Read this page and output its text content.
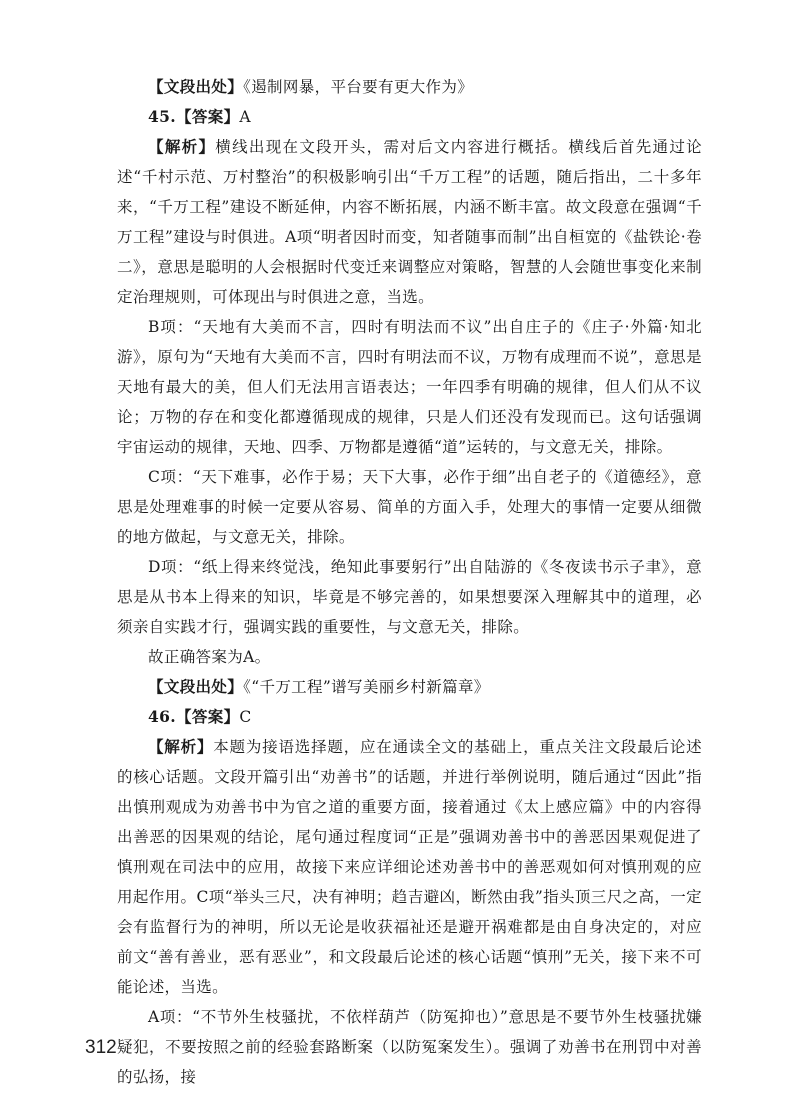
【文段出处】《遏制网暴，平台要有更大作为》

45.【答案】A

【解析】横线出现在文段开头，需对后文内容进行概括。横线后首先通过论述“千村示范、万村整治”的积极影响引出“千万工程”的话题，随后指出，二十多年来，“千万工程”建设不断延伸，内容不断拓展，内涵不断丰富。故文段意在强调“千万工程”建设与时俱进。A项“明者因时而变，知者随事而制”出自桓宽的《盐铁论·卷二》，意思是聪明的人会根据时代变迁来调整应对策略，智慧的人会随世事变化来制定治理规则，可体现出与时俱进之意，当选。

B项：“天地有大美而不言，四时有明法而不议”出自庄子的《庄子·外篇·知北游》，原句为“天地有大美而不言，四时有明法而不议，万物有成理而不说”，意思是天地有最大的美，但人们无法用言语表达；一年四季有明确的规律，但人们从不议论；万物的存在和变化都遵循现成的规律，只是人们还没有发现而已。这句话强调宇宙运动的规律，天地、四季、万物都是遵循“道”运转的，与文意无关，排除。

C项：“天下难事，必作于易；天下大事，必作于细”出自老子的《道德经》，意思是处理难事的时候一定要从容易、简单的方面入手，处理大的事情一定要从细微的地方做起，与文意无关，排除。

D项：“纸上得来终觉浅，绝知此事要躬行”出自陆游的《冬夜读书示子聿》，意思是从书本上得来的知识，毕竟是不够完善的，如果想要深入理解其中的道理，必须亲自实践才行，强调实践的重要性，与文意无关，排除。

故正确答案为A。

【文段出处】《“千万工程”谱写美丽乡村新篇章》

46.【答案】C

【解析】本题为接语选择题，应在通读全文的基础上，重点关注文段最后论述的核心话题。文段开篇引出“劝善书”的话题，并进行举例说明，随后通过“因此”指出慎刑观成为劝善书中为官之道的重要方面，接着通过《太上感应篇》中的内容得出善恶的因果观的结论，尾句通过程度词“正是”强调劝善书中的善恶因果观促进了慎刑观在司法中的应用，故接下来应详细论述劝善书中的善恶观如何对慎刑观的应用起作用。C项“举头三尺，决有神明；趋吉避凶，断然由我”指头顶三尺之高，一定会有监督行为的神明，所以无论是收获福祉还是避开祸难都是由自身决定的，对应前文“善有善业，恶有恶业”，和文段最后论述的核心话题“慎刑”无关，接下来不可能论述，当选。

A项：“不节外生枝骚扰，不依样葫芦（防冤抑也）”意思是不要节外生枝骚扰嫌疑犯，不要按照之前的经验套路断案（以防冤案发生）。强调了劝善书在刑罚中对善的弘扬，接

312
